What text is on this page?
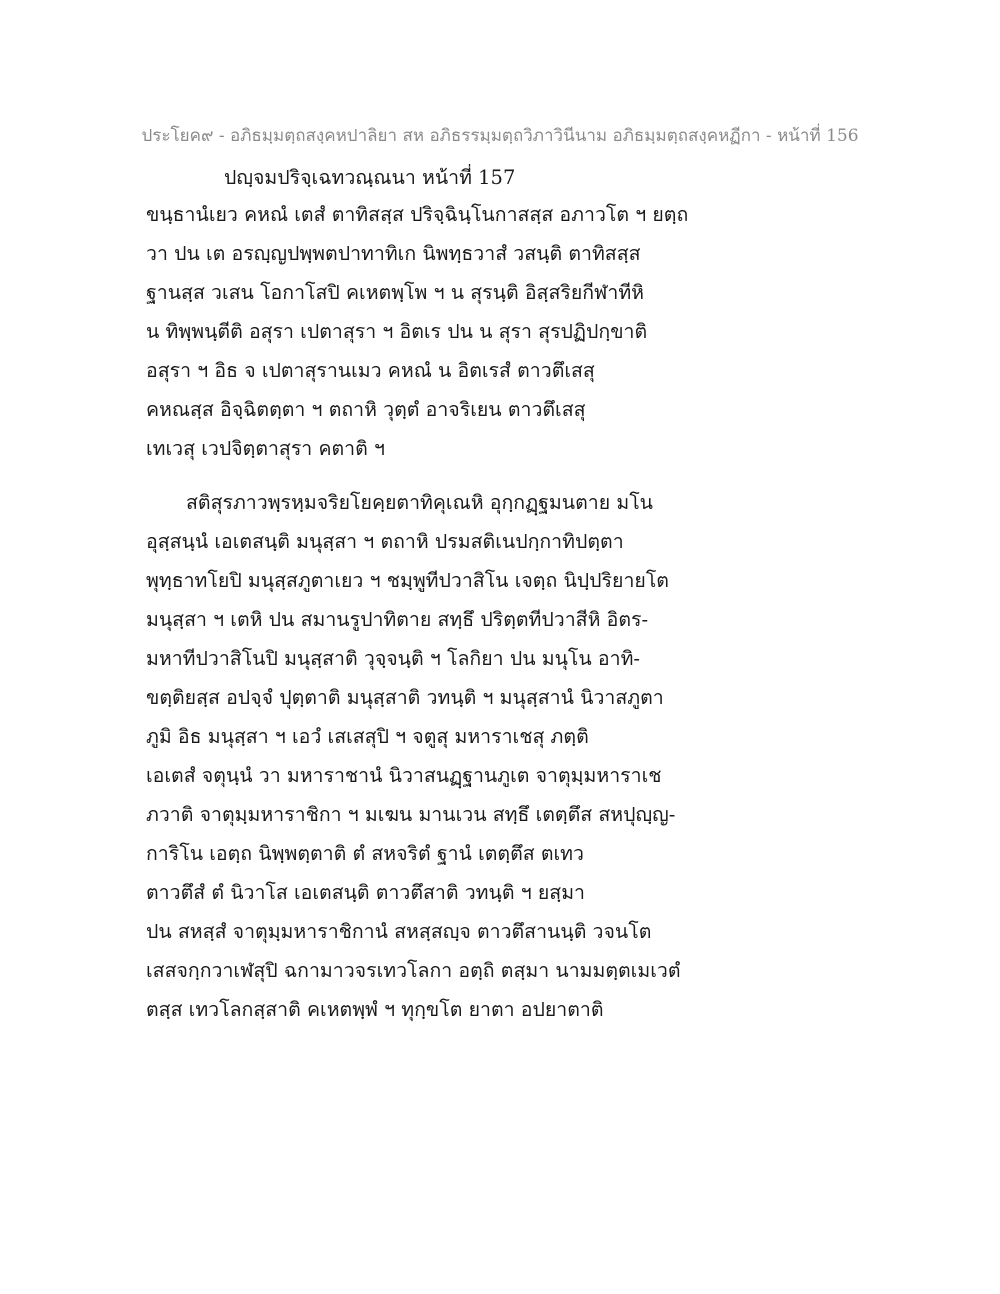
ประโยค๙ - อภิธมฺมตฺถสงฺคหปาลิยา สห อภิธรรมฺมตฺถวิภาวินีนาม อภิธมฺมตฺถสงฺคหฏีกา - หน้าที่ 156
ปญฺจมปริจฺเฉทวณฺณนา หน้าที่ 157
ขนฺธานํเยว คหณํ เตสํ ตาทิสสฺส ปริจฺฉินฺโนกาสสฺส อภาวโต ฯ ยตฺถ
วา ปน เต อรญฺญปพฺพตปาทาทิเก นิพทฺธวาสํ วสนฺติ ตาทิสสฺส
ฐานสฺส วเสน โอกาโสปิ คเหตพฺโพ ฯ น สุรนฺติ อิสฺสริยกีฬาทีหิ
น ทิพฺพนฺตีติ อสุรา เปตาสุรา ฯ อิตเร ปน น สุรา สุรปฏิปกฺขาติ
อสุรา ฯ อิธ จ เปตาสุรานเมว คหณํ น อิตเรสํ ตาวตึเสสุ
คหณสฺส อิจฺฉิตตฺตา ฯ ตถาหิ วุตฺตํ อาจริเยน ตาวตึเสสุ
เทเวสุ เวปจิตฺตาสุรา คตาติ ฯ
สติสุรภาวพฺรหฺมจริยโยคฺยตาทิคุเณหิ อุกฺกฏฺฐมนตาย มโน
อุสฺสนฺนํ เอเตสนฺติ มนุสฺสา ฯ ตถาหิ ปรมสติเนปกฺกาทิปตฺตา
พุทฺธาทโยปิ มนุสฺสภูตาเยว ฯ ชมฺพูทีปวาสิโน เจตฺถ นิปฺปริยายโต
มนุสฺสา ฯ เตหิ ปน สมานรูปาทิตาย สทฺธึ ปริตฺตทีปวาสีหิ อิตร-
มหาทีปวาสิโนปิ มนุสฺสาติ วุจฺจนฺติ ฯ โลกิยา ปน มนุโน อาทิ-
ขตฺติยสฺส อปจฺจํ ปุตฺตาติ มนุสฺสาติ วทนฺติ ฯ มนุสฺสานํ นิวาสภูตา
ภูมิ อิธ มนุสฺสา ฯ เอวํ เสเสสุปิ ฯ จตูสุ มหาราเชสุ ภตฺติ
เอเตสํ จตุนฺนํ วา มหาราชานํ นิวาสนฏฺฐานภูเต จาตุมฺมหาราเช
ภวาติ จาตุมฺมหาราชิกา ฯ มเฆน มานเวน สทฺธึ เตตฺตึส สหปุญฺญ-
การิโน เอตฺถ นิพฺพตฺตาติ ตํ สหจริตํ ฐานํ เตตฺตึส ตเทว
ตาวตึสํ ตํ นิวาโส เอเตสนฺติ ตาวตึสาติ วทนฺติ ฯ ยสฺมา
ปน สหสฺสํ จาตุมฺมหาราชิกานํ สหสฺสญฺจ ตาวตึสานนฺติ วจนโต
เสสจกฺกวาเฬสุปิ ฉกามาวจรเทวโลกา อตฺถิ ตสฺมา นามมตฺตเมเวตํ
ตสฺส เทวโลกสฺสาติ คเหตพฺพํ ฯ ทุกฺขโต ยาตา อปยาตาติ
